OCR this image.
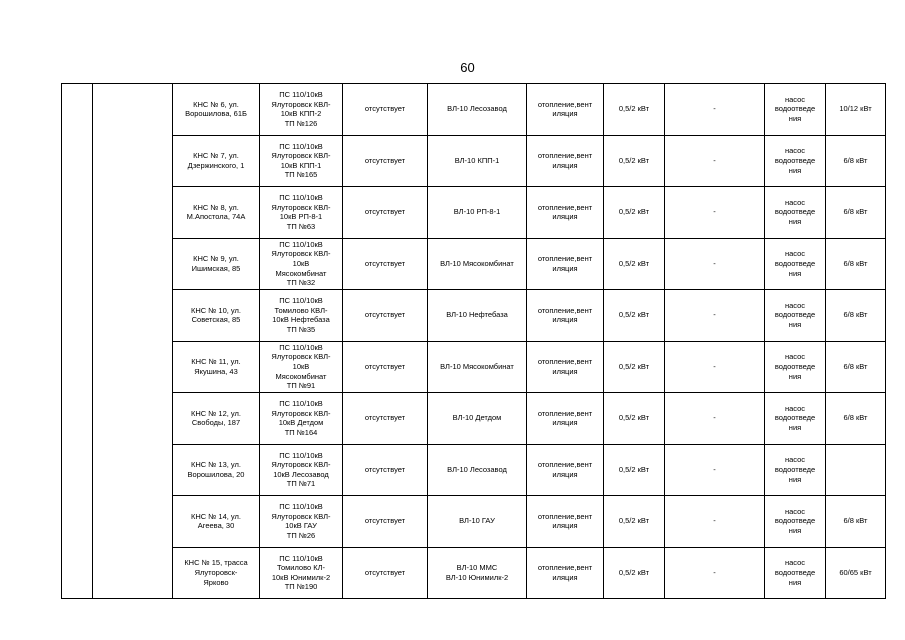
60
		КНС № 6, ул.
Ворошилова, 61Б	ПС 110/10кВ
Ялуторовск КВЛ-
10кВ КПП-2
ТП №126	отсутствует	ВЛ-10 Лесозавод	отопление,вент
иляция	0,5/2 кВт	-	насос
водоотведе
ния	10/12 кВт
		КНС № 7, ул.
Дзержинского, 1	ПС 110/10кВ
Ялуторовск КВЛ-
10кВ КПП-1
ТП №165	отсутствует	ВЛ-10 КПП-1	отопление,вент
иляция	0,5/2 кВт	-	насос
водоотведе
ния	6/8 кВт
		КНС № 8, ул.
М.Апостола, 74А	ПС 110/10кВ
Ялуторовск КВЛ-
10кВ РП-8-1
ТП №63	отсутствует	ВЛ-10 РП-8-1	отопление,вент
иляция	0,5/2 кВт	-	насос
водоотведе
ния	6/8 кВт
		КНС № 9, ул.
Ишимская, 85	ПС 110/10кВ
Ялуторовск КВЛ-
10кВ
Мясокомбинат
ТП №32	отсутствует	ВЛ-10 Мясокомбинат	отопление,вент
иляция	0,5/2 кВт	-	насос
водоотведе
ния	6/8 кВт
		КНС № 10, ул.
Советская, 85	ПС 110/10кВ
Томилово КВЛ-
10кВ Нефтебаза
ТП №35	отсутствует	ВЛ-10 Нефтебаза	отопление,вент
иляция	0,5/2 кВт	-	насос
водоотведе
ния	6/8 кВт
		КНС № 11, ул.
Якушина, 43	ПС 110/10кВ
Ялуторовск КВЛ-
10кВ
Мясокомбинат
ТП №91	отсутствует	ВЛ-10 Мясокомбинат	отопление,вент
иляция	0,5/2 кВт	-	насос
водоотведе
ния	6/8 кВт
		КНС № 12, ул.
Свободы, 187	ПС 110/10кВ
Ялуторовск КВЛ-
10кВ Детдом
ТП №164	отсутствует	ВЛ-10 Детдом	отопление,вент
иляция	0,5/2 кВт	-	насос
водоотведе
ния	6/8 кВт
		КНС № 13, ул.
Ворошилова, 20	ПС 110/10кВ
Ялуторовск КВЛ-
10кВ Лесозавод
ТП №71	отсутствует	ВЛ-10 Лесозавод	отопление,вент
иляция	0,5/2 кВт	-	насос
водоотведе
ния	
		КНС № 14, ул.
Агеева, 30	ПС 110/10кВ
Ялуторовск КВЛ-
10кВ ГАУ
ТП №26	отсутствует	ВЛ-10 ГАУ	отопление,вент
иляция	0,5/2 кВт	-	насос
водоотведе
ния	6/8 кВт
		КНС № 15, трасса
Ялуторовск-
Ярково	ПС 110/10кВ
Томилово КЛ-
10кВ Юнимилк-2
ТП №190	отсутствует	ВЛ-10 ММС
ВЛ-10 Юнимилк-2	отопление,вент
иляция	0,5/2 кВт	-	насос
водоотведе
ния	60/65 кВт
